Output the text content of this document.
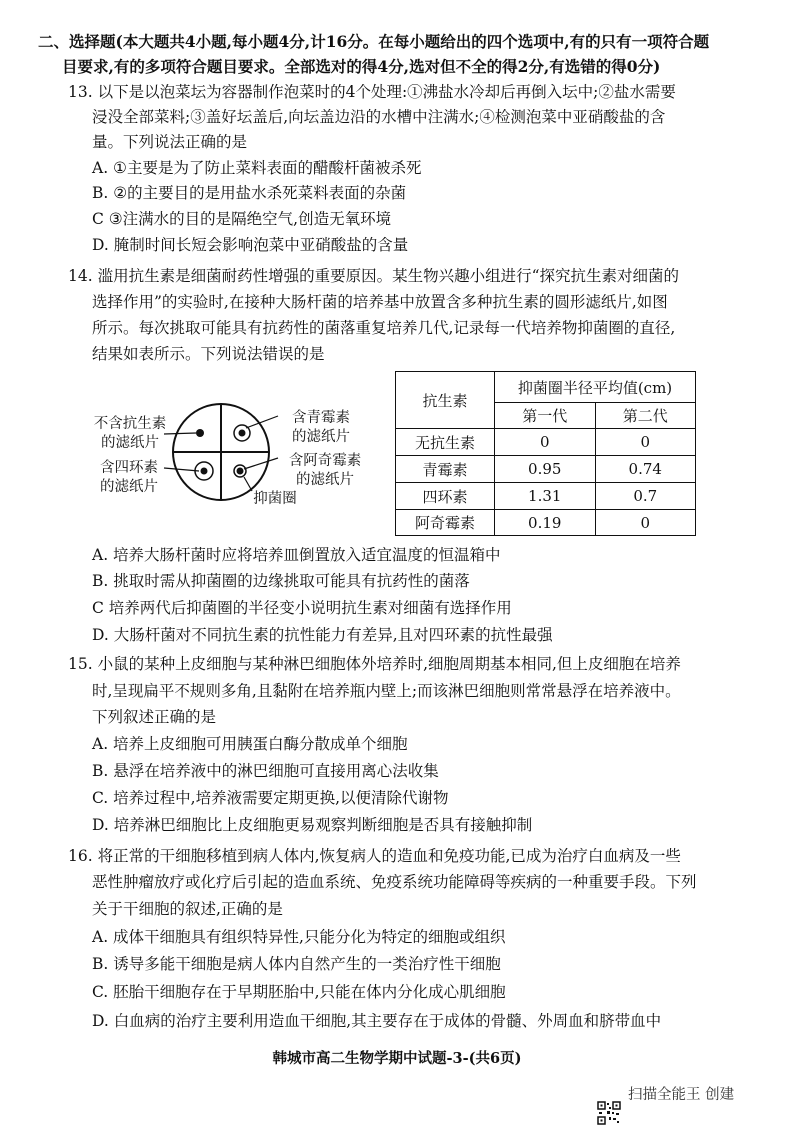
二、选择题(本大题共4小题,每小题4分,计16分。在每小题给出的四个选项中,有的只有一项符合题
目要求,有的多项符合题目要求。全部选对的得4分,选对但不全的得2分,有选错的得0分)
13. 以下是以泡菜坛为容器制作泡菜时的4个处理:①沸盐水冷却后再倒入坛中;②盐水需要
浸没全部菜料;③盖好坛盖后,向坛盖边沿的水槽中注满水;④检测泡菜中亚硝酸盐的含
量。下列说法正确的是
A. ①主要是为了防止菜料表面的醋酸杆菌被杀死
B. ②的主要目的是用盐水杀死菜料表面的杂菌
C ③注满水的目的是隔绝空气,创造无氧环境
D. 腌制时间长短会影响泡菜中亚硝酸盐的含量
14. 滥用抗生素是细菌耐药性增强的重要原因。某生物兴趣小组进行“探究抗生素对细菌的
选择作用”的实验时,在接种大肠杆菌的培养基中放置含多种抗生素的圆形滤纸片,如图
所示。每次挑取可能具有抗药性的菌落重复培养几代,记录每一代培养物抑菌圈的直径,
结果如表所示。下列说法错误的是
不含抗生素
的滤纸片
含四环素
的滤纸片
含青霉素
的滤纸片
含阿奇霉素
的滤纸片
抑菌圈
抗生素	抑菌圈半径平均值(cm)	
	第一代	第二代
无抗生素	0	0
青霉素	0.95	0.74
四环素	1.31	0.7
阿奇霉素	0.19	0
A. 培养大肠杆菌时应将培养皿倒置放入适宜温度的恒温箱中
B. 挑取时需从抑菌圈的边缘挑取可能具有抗药性的菌落
C 培养两代后抑菌圈的半径变小说明抗生素对细菌有选择作用
D. 大肠杆菌对不同抗生素的抗性能力有差异,且对四环素的抗性最强
15. 小鼠的某种上皮细胞与某种淋巴细胞体外培养时,细胞周期基本相同,但上皮细胞在培养
时,呈现扁平不规则多角,且黏附在培养瓶内壁上;而该淋巴细胞则常常悬浮在培养液中。
下列叙述正确的是
A. 培养上皮细胞可用胰蛋白酶分散成单个细胞
B. 悬浮在培养液中的淋巴细胞可直接用离心法收集
C. 培养过程中,培养液需要定期更换,以便清除代谢物
D. 培养淋巴细胞比上皮细胞更易观察判断细胞是否具有接触抑制
16. 将正常的干细胞移植到病人体内,恢复病人的造血和免疫功能,已成为治疗白血病及一些
恶性肿瘤放疗或化疗后引起的造血系统、免疫系统功能障碍等疾病的一种重要手段。下列
关于干细胞的叙述,正确的是
A. 成体干细胞具有组织特异性,只能分化为特定的细胞或组织
B. 诱导多能干细胞是病人体内自然产生的一类治疗性干细胞
C. 胚胎干细胞存在于早期胚胎中,只能在体内分化成心肌细胞
D. 白血病的治疗主要利用造血干细胞,其主要存在于成体的骨髓、外周血和脐带血中
韩城市高二生物学期中试题-3-(共6页)
扫描全能王 创建
